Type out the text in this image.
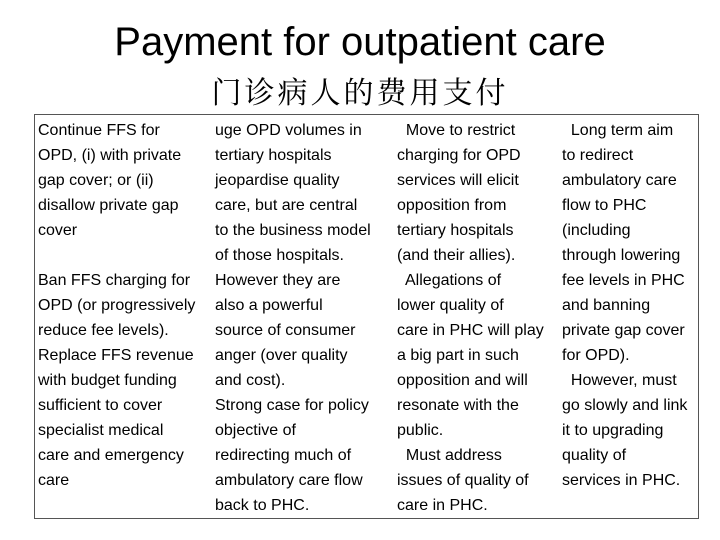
Payment for outpatient care
门诊病人的费用支付
Continue FFS for
OPD, (i) with private
gap cover; or (ii)
disallow private gap
cover
Ban FFS charging for
OPD (or progressively
reduce fee levels).
Replace FFS revenue
with budget funding
sufficient to cover
specialist medical
care and emergency
care
uge OPD volumes in
tertiary hospitals
jeopardise quality
care, but are central
to the business model
of those hospitals.
However they are
also a powerful
source of consumer
anger (over quality
and cost).
Strong case for policy
objective of
redirecting much of
ambulatory care flow
back to PHC.
Move to restrict
charging for OPD
services will elicit
opposition from
tertiary hospitals
(and their allies).
Allegations of
lower quality of
care in PHC will play
a big part in such
opposition and will
resonate with the
public.
Must address
issues of quality of
care in PHC.
Long term aim
to redirect
ambulatory care
flow to PHC
(including
through lowering
fee levels in PHC
and banning
private gap cover
for OPD).
However, must
go slowly and link
it to upgrading
quality of
services in PHC.
